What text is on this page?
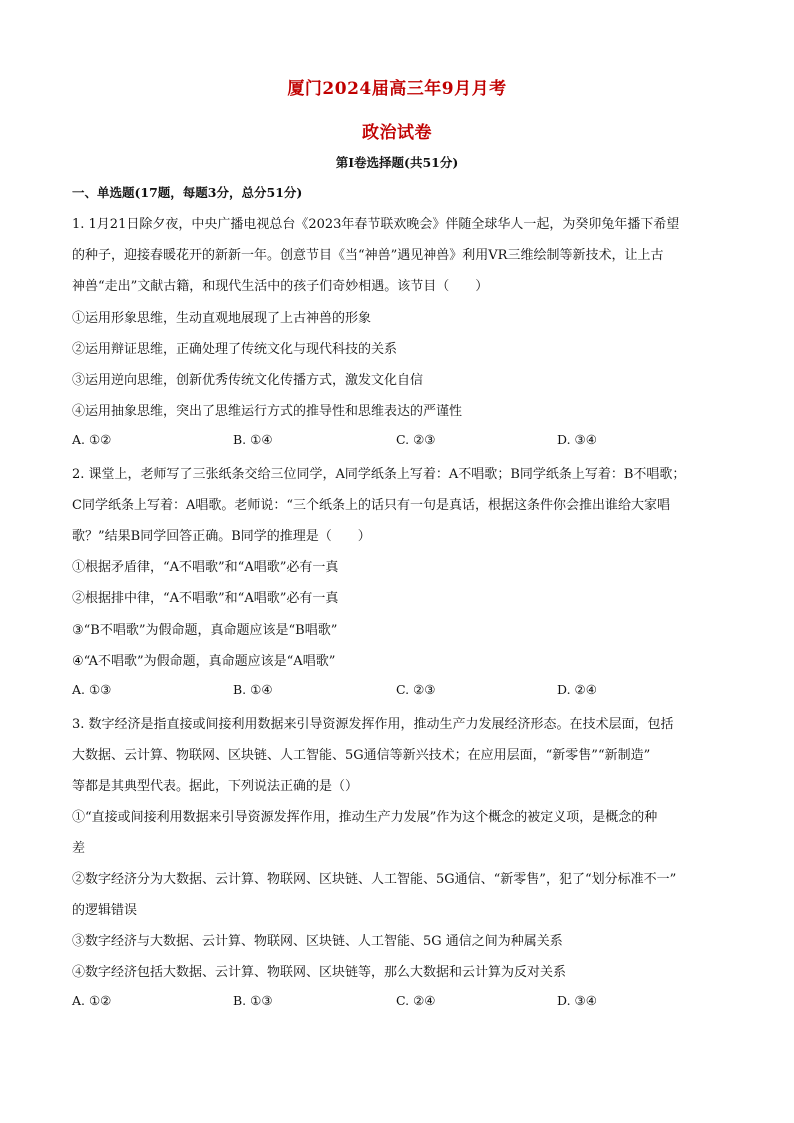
厦门2024届高三年9月月考
政治试卷
第I卷选择题(共51分)
一、单选题(17题，每题3分，总分51分)
1. 1月21日除夕夜，中央广播电视总台《2023年春节联欢晚会》伴随全球华人一起，为癸卯兔年播下希望
的种子，迎接春暖花开的新新一年。创意节目《当“神兽”遇见神兽》利用VR三维绘制等新技术，让上古
神兽“走出”文献古籍，和现代生活中的孩子们奇妙相遇。该节目（　　）
①运用形象思维，生动直观地展现了上古神兽的形象
②运用辩证思维，正确处理了传统文化与现代科技的关系
③运用逆向思维，创新优秀传统文化传播方式，激发文化自信
④运用抽象思维，突出了思维运行方式的推导性和思维表达的严谨性
A. ①②	B. ①④	C. ②③	D. ③④
2. 课堂上，老师写了三张纸条交给三位同学，A同学纸条上写着：A不唱歌；B同学纸条上写着：B不唱歌；
C同学纸条上写着：A唱歌。老师说：“三个纸条上的话只有一句是真话，根据这条件你会推出谁给大家唱
歌？”结果B同学回答正确。B同学的推理是（　　）
①根据矛盾律，“A不唱歌”和“A唱歌”必有一真
②根据排中律，“A不唱歌”和“A唱歌”必有一真
③“B不唱歌”为假命题，真命题应该是“B唱歌”
④“A不唱歌”为假命题，真命题应该是“A唱歌”
A. ①③	B. ①④	C. ②③	D. ②④
3. 数字经济是指直接或间接利用数据来引导资源发挥作用，推动生产力发展经济形态。在技术层面，包括
大数据、云计算、物联网、区块链、人工智能、5G通信等新兴技术；在应用层面，“新零售”“新制造”
等都是其典型代表。据此，下列说法正确的是（）
①“直接或间接利用数据来引导资源发挥作用，推动生产力发展”作为这个概念的被定义项，是概念的种
差
②数字经济分为大数据、云计算、物联网、区块链、人工智能、5G通信、“新零售”，犯了“划分标准不一”
的逻辑错误
③数字经济与大数据、云计算、物联网、区块链、人工智能、5G 通信之间为种属关系
④数字经济包括大数据、云计算、物联网、区块链等，那么大数据和云计算为反对关系
A. ①②	B. ①③	C. ②④	D. ③④
